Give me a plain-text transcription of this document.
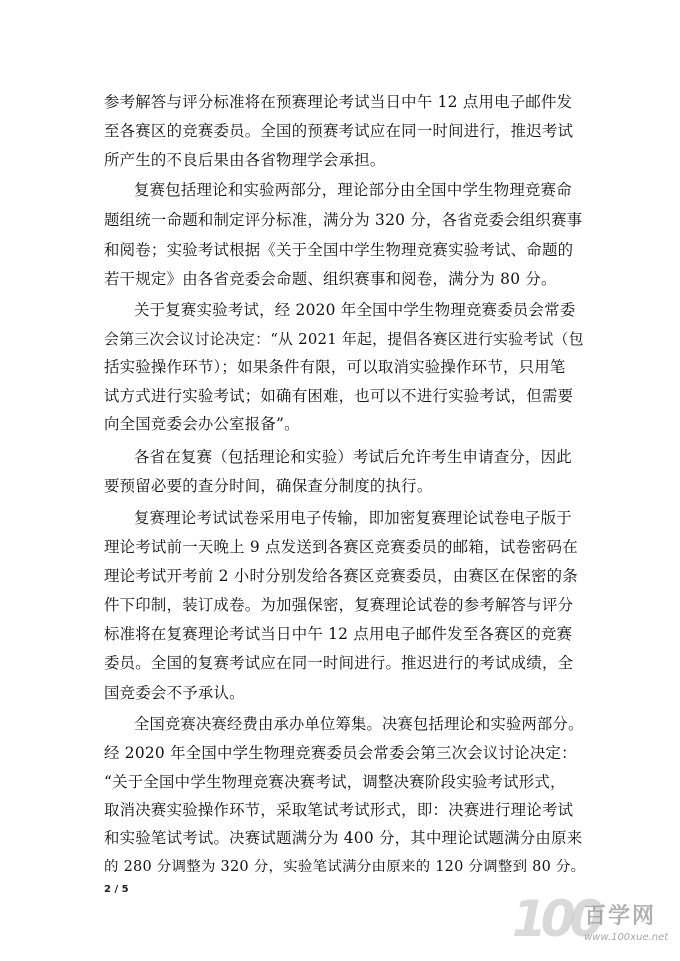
参考解答与评分标准将在预赛理论考试当日中午 12 点用电子邮件发
至各赛区的竞赛委员。全国的预赛考试应在同一时间进行，推迟考试
所产生的不良后果由各省物理学会承担。
复赛包括理论和实验两部分，理论部分由全国中学生物理竞赛命
题组统一命题和制定评分标准，满分为 320 分，各省竞委会组织赛事
和阅卷；实验考试根据《关于全国中学生物理竞赛实验考试、命题的
若干规定》由各省竞委会命题、组织赛事和阅卷，满分为 80 分。
关于复赛实验考试，经 2020 年全国中学生物理竞赛委员会常委
会第三次会议讨论决定：“从 2021 年起，提倡各赛区进行实验考试（包
括实验操作环节）；如果条件有限，可以取消实验操作环节，只用笔
试方式进行实验考试；如确有困难，也可以不进行实验考试，但需要
向全国竞委会办公室报备”。
各省在复赛（包括理论和实验）考试后允许考生申请查分，因此
要预留必要的查分时间，确保查分制度的执行。
复赛理论考试试卷采用电子传输，即加密复赛理论试卷电子版于
理论考试前一天晚上 9 点发送到各赛区竞赛委员的邮箱，试卷密码在
理论考试开考前 2 小时分别发给各赛区竞赛委员，由赛区在保密的条
件下印制，装订成卷。为加强保密，复赛理论试卷的参考解答与评分
标准将在复赛理论考试当日中午 12 点用电子邮件发至各赛区的竞赛
委员。全国的复赛考试应在同一时间进行。推迟进行的考试成绩，全
国竞委会不予承认。
全国竞赛决赛经费由承办单位筹集。决赛包括理论和实验两部分。
经 2020 年全国中学生物理竞赛委员会常委会第三次会议讨论决定：
“关于全国中学生物理竞赛决赛考试，调整决赛阶段实验考试形式，
取消决赛实验操作环节，采取笔试考试形式，即：决赛进行理论考试
和实验笔试考试。决赛试题满分为 400 分，其中理论试题满分由原来
的 280 分调整为 320 分，实验笔试满分由原来的 120 分调整到 80 分。
2 / 5
100
百学网
www.100xue.net
